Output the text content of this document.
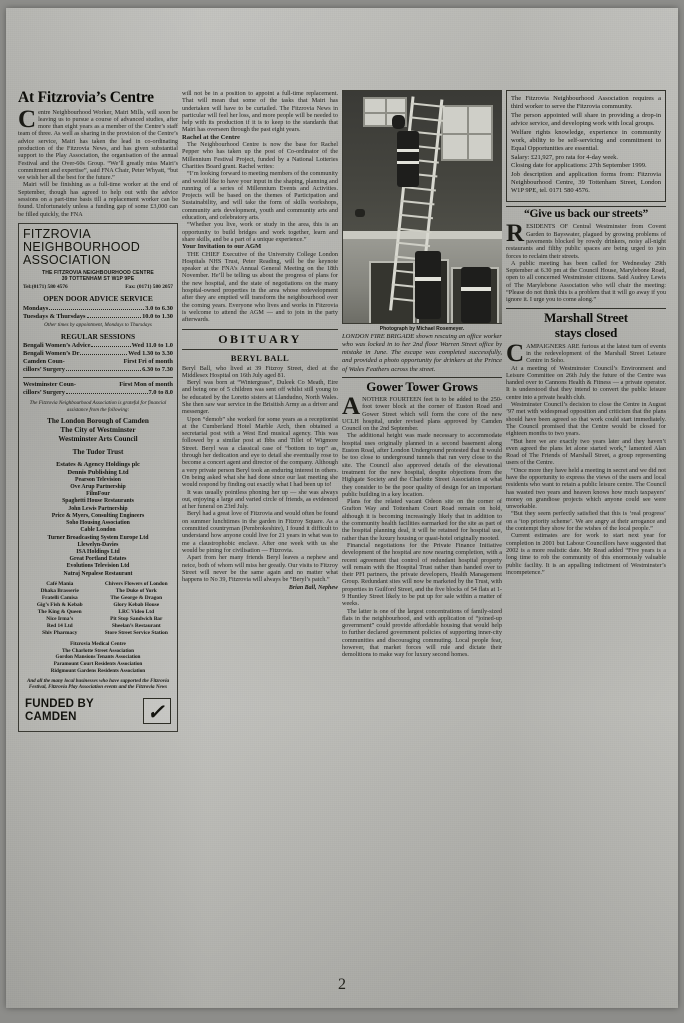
At Fitzrovia’s Centre
C entre Neighbourhood Worker, Mairi Mills, will soon be leaving us to pursue a course of advanced studies, after more than eight years as a member of the Centre’s staff team of three. As well as sharing in the provision of the Centre’s advice service, Mairi has taken the lead in co-ordinating production of the Fitzrovia News, and has given substantial support to the Play Association, the organisation of the annual Festival and the Over-60s Group. “We’ll greatly miss Mairi’s commitment and expertise”, said FNA Chair, Peter Whyatt, “but we wish her all the best for the future.”

Mairi will be finishing as a full-time worker at the end of September, though has agreed to help out with the advice sessions on a part-time basis till a replacement worker can be found. Unfortunately unless a funding gap of some £3,000 can be filled quickly, the FNA

FITZROVIA
NEIGHBOURHOOD
ASSOCIATION
THE FITZROVIA NEIGHBOURHOOD CENTRE
39 TOTTENHAM ST W1P 9PE
Tel:(0171) 580 4576	Fax: (0171) 580 2057
OPEN DOOR ADVICE SERVICE
Mondays	3.0 to 6.30
Tuesdays & Thursdays	10.0 to 1.30
Other times by appointment, Mondays to Thursdays
REGULAR SESSIONS
Bengali Women’s Advice	Wed 11.0 to 1.0
Bengali Women’s Dr	Wed 1.30 to 3.30
Camden Coun-	First Fri of month
cillors’ Surgery	6.30 to 7.30
Westminster Coun-	First Mon of month
cillors’ Surgery	7.0 to 8.0
The Fitzrovia Neighbourhood Association is grateful for financial assistance from the following:
The London Borough of Camden
The City of Westminster
Westminster Arts Council
The Tudor Trust
Estates & Agency Holdings plc
Dennis Publishing Ltd
Pearson Television
Ove Arup Partnership
FilmFour
Spaghetti House Restaurants
John Lewis Partnership
Price & Myers, Consulting Engineers
Soho Housing Association
Cable London
Turner Broadcasting System Europe Ltd
Llewelyn-Davies
ISA Holdings Ltd
Great Portland Estates
Evolutions Television Ltd
Natraj Nepalese Restaurant
Café Mania	Chivers Flowers of London
Dhaka Brasserie	The Duke of York
Fratelli Camisa	The George & Dragon
Gig’s Fish & Kebab	Glory Kebab House
The King & Queen	LRC Video Ltd
Nice Irma’s	Pit Stop Sandwich Bar
Red 14 Ltd	Sheelan’s Restaurant
Shiv Pharmacy	Store Street Service Station
Fitzrovia Medical Centre
The Charlotte Street Association
Gordon Mansions Tenants Association
Paramount Court Residents Association
Ridgmount Gardens Residents Association
And all the many local businesses who have supported the Fitzrovia Festival, Fitzrovia Play Association events and the Fitzrovia News
FUNDED BY
CAMDEN	✓

will not be in a position to appoint a full-time replacement. That will mean that some of the tasks that Mairi has undertaken will have to be curtailed. The Fitzrovia News in particular will feel her loss, and more people will be needed to help with its production if it is to keep to the standards that Mairi has overseen through the past eight years.

Rachel at the Centre

The Neighbourhood Centre is now the base for Rachel Pepper who has taken up the post of Co-ordinator of the Millennium Festival Project, funded by a National Lotteries Charities Board grant. Rachel writes:

“I’m looking forward to meeting members of the community and would like to have your input in the shaping, planning and running of a series of Millennium Events and Activities. Projects will be based on the themes of Participation and Sustainability, and will take the form of skills workshops, community arts development, youth and community arts and education, and celebratory arts.

“Whether you live, work or study in the area, this is an opportunity to build bridges and work together, learn and share skills, and be a part of a unique experience.”

Your Invitation to our AGM

THE CHIEF Executive of the University College London Hospitals NHS Trust, Peter Reading, will be the keynote speaker at the FNA’s Annual General Meeting on the 18th November. He’ll be telling us about the progress of plans for the new hospital, and the state of negotiations on the many hospital-owned properties in the area whose redevelopment after they are emptied will transform the neighbourhood over the coming years. Everyone who lives and works in Fitzrovia is welcome to attend the AGM — and to join in the party afterwards.

OBITUARY
BERYL BALL

Beryl Ball, who lived at 39 Fitzroy Street, died at the Middlesex Hospital on 16th July aged 81.

Beryl was born at “Wintergrass”, Duleek Co Meath, Eire and being one of 5 children was sent off whilst still young to be educated by the Loretto sisters at Llandudno, North Wales. She then saw war service in the Brisitish Army as a driver and messenger.

Upon “demob” she worked for some years as a receptionist at the Cumberland Hotel Marble Arch, then obtained a secretarial post with a West End musical agency. This was followed by a similar post at Ibbs and Tillet of Wigmore Street. Beryl was a classical case of “bottom to top” as, through her dedication and eye to detail she eventually rose to become a concert agent and director of the company. Although a very private person Beryl took an enduring interest in others. On being asked what she had done since our last meeting she would respond by finding out exactly what I had been up to!

It was usually pointless phoning her up — she was always out, enjoying a large and varied circle of friends, as evidenced at her funeral on 23rd July.

Beryl had a great love of Fitzrovia and would often be found on summer lunchtimes in the garden in Fitzroy Square. As a committed countryman (Pembrokeshire), I found it difficult to understand how anyone could live for 21 years in what was to me a claustrophobic enclave. After one week with us she would be pining for civilisation — Fitzrovia.

Apart from her many friends Beryl leaves a nephew and neice, both of whom will miss her greatly. Our visits to Fitzroy Street will never be the same again and no matter what happens to No 39, Fitzrovia will always be “Beryl’s patch.”

Brian Ball, Nephew
Photograph by Michael Rosemeyer.
LONDON FIRE BRIGADE shown rescuing an office worker who was locked in to her 2nd floor Warren Street office by mistake in June. The escape was completed successfully, and provided a photo opportunity for drinkers at the Prince of Wales Feathers across the street.
Gower Tower Grows
A NOTHER FOURTEEN feet is to be added to the 250-foot tower block at the corner of Euston Road and Gower Street which will form the core of the new UCLH hospital, under revised plans approved by Camden Council on the 2nd September.

The additional height was made necessary to accommodate hospital uses originally planned in a second basement along Euston Road, after London Underground protested that it would be too close to underground tunnels that ran very close to the site. The Council also approved details of the elevational treatment for the new hospital, despite objections from the Highgate Society and the Charlotte Street Association at what they consider to be the poor quality of design for an important public building in a key location.

Plans for the related vacant Odeon site on the corner of Grafton Way and Tottenham Court Road remain on hold, although it is becoming increasingly likely that in addition to the community health facilities earmarked for the site as part of the hospital planning deal, it will be retained for hospital use, rather than the luxury housing or quasi-hotel originally mooted.

Financial negotiations for the Private Finance Initiative development of the hospital are now nearing completion, with a recent agreement that control of redundant hospital property will remain with the Hospital Trust rather than handed over to their PFI partners, the private developers, Health Management Group. Redundant sites will now be marketed by the Trust, with properties in Guilford Street, and the five blocks of 54 flats at 1-9 Huntley Street likely to be put up for sale within a matter of weeks.

The latter is one of the largest concentrations of family-sized flats in the neighbourhood, and with application of “joined-up government” could provide affordable housing that would help to further declared government policies of supporting inner-city communities and discouraging commuting. Local people fear, however, that market forces will rule and dictate their demolitions to make way for luxury second homes.

The Fitzrovia Neighbourhood Association requires a third worker to serve the Fitzrovia community.

The person appointed will share in providing a drop-in advice service, and developing work with local groups.

Welfare rights knowledge, experience in community work, ability to be self-servicing and commitment to Equal Opportunities are essential.

Salary: £21,927, pro rata for 4-day week.

Closing date for applications: 27th September 1999.

Job description and application forms from: Fitzrovia Neighbourhood Centre, 39 Tottenham Street, London W1P 9PE, tel. 0171 580 4576.

“Give us back our streets”
R ESIDENTS OF Central Westminster from Covent Garden to Bayswater, plagued by growing problems of pavements blocked by rowdy drinkers, noisy all-night restaurants and filthy public spaces are being urged to join forces to reclaim their streets.

A public meeting has been called for Wednesday 29th September at 6.30 pm at the Council House, Marylebone Road, open to all concerned Westminster citizens. Said Audrey Lewis of The Marylebone Association who will chair the meeting: “Please do not think this is a problem that it will go away if you ignore it. I urge you to come along.”

Marshall Street
stays closed
C AMPAIGNERS ARE furious at the latest turn of events in the redevelopment of the Marshall Street Leisure Centre in Soho.

At a meeting of Westminster Council’s Environment and Leisure Committee on 26th July the future of the Centre was handed over to Cannons Health & Fitness — a private operator. It is understood that they intend to convert the public leisure centre into a private health club.

Westminster Council’s decision to close the Centre in August ’97 met with widespread opposition and criticism that the plans should have been agreed so that work could start immediately. The Council promised that the Centre would be closed for eighteen months to two years.

“But here we are exactly two years later and they haven’t even agreed the plans let alone started work,” lamented Alan Road of The Friends of Marshall Street, a group representing users of the Centre.

“Once more they have held a meeting in secret and we did not have the opportunity to express the views of the users and local residents who want to retain a public leisure centre. The Council has wasted two years and heaven knows how much taxpayers’ money on grandiose projects which anyone could see were unworkable.

“But they seem perfectly satisfied that this is ‘real progress’ on a ‘top priority scheme’. We are angry at their arrogance and the contempt they show for the wishes of the local people.”

Current estimates are for work to start next year for completion in 2001 but Labour Councillors have suggested that 2002 is a more realistic date. Mr Read added “Five years is a long time to rob the community of this enormously valuable public facility. It is an appalling indictment of Westminster’s incompetence.”

2
